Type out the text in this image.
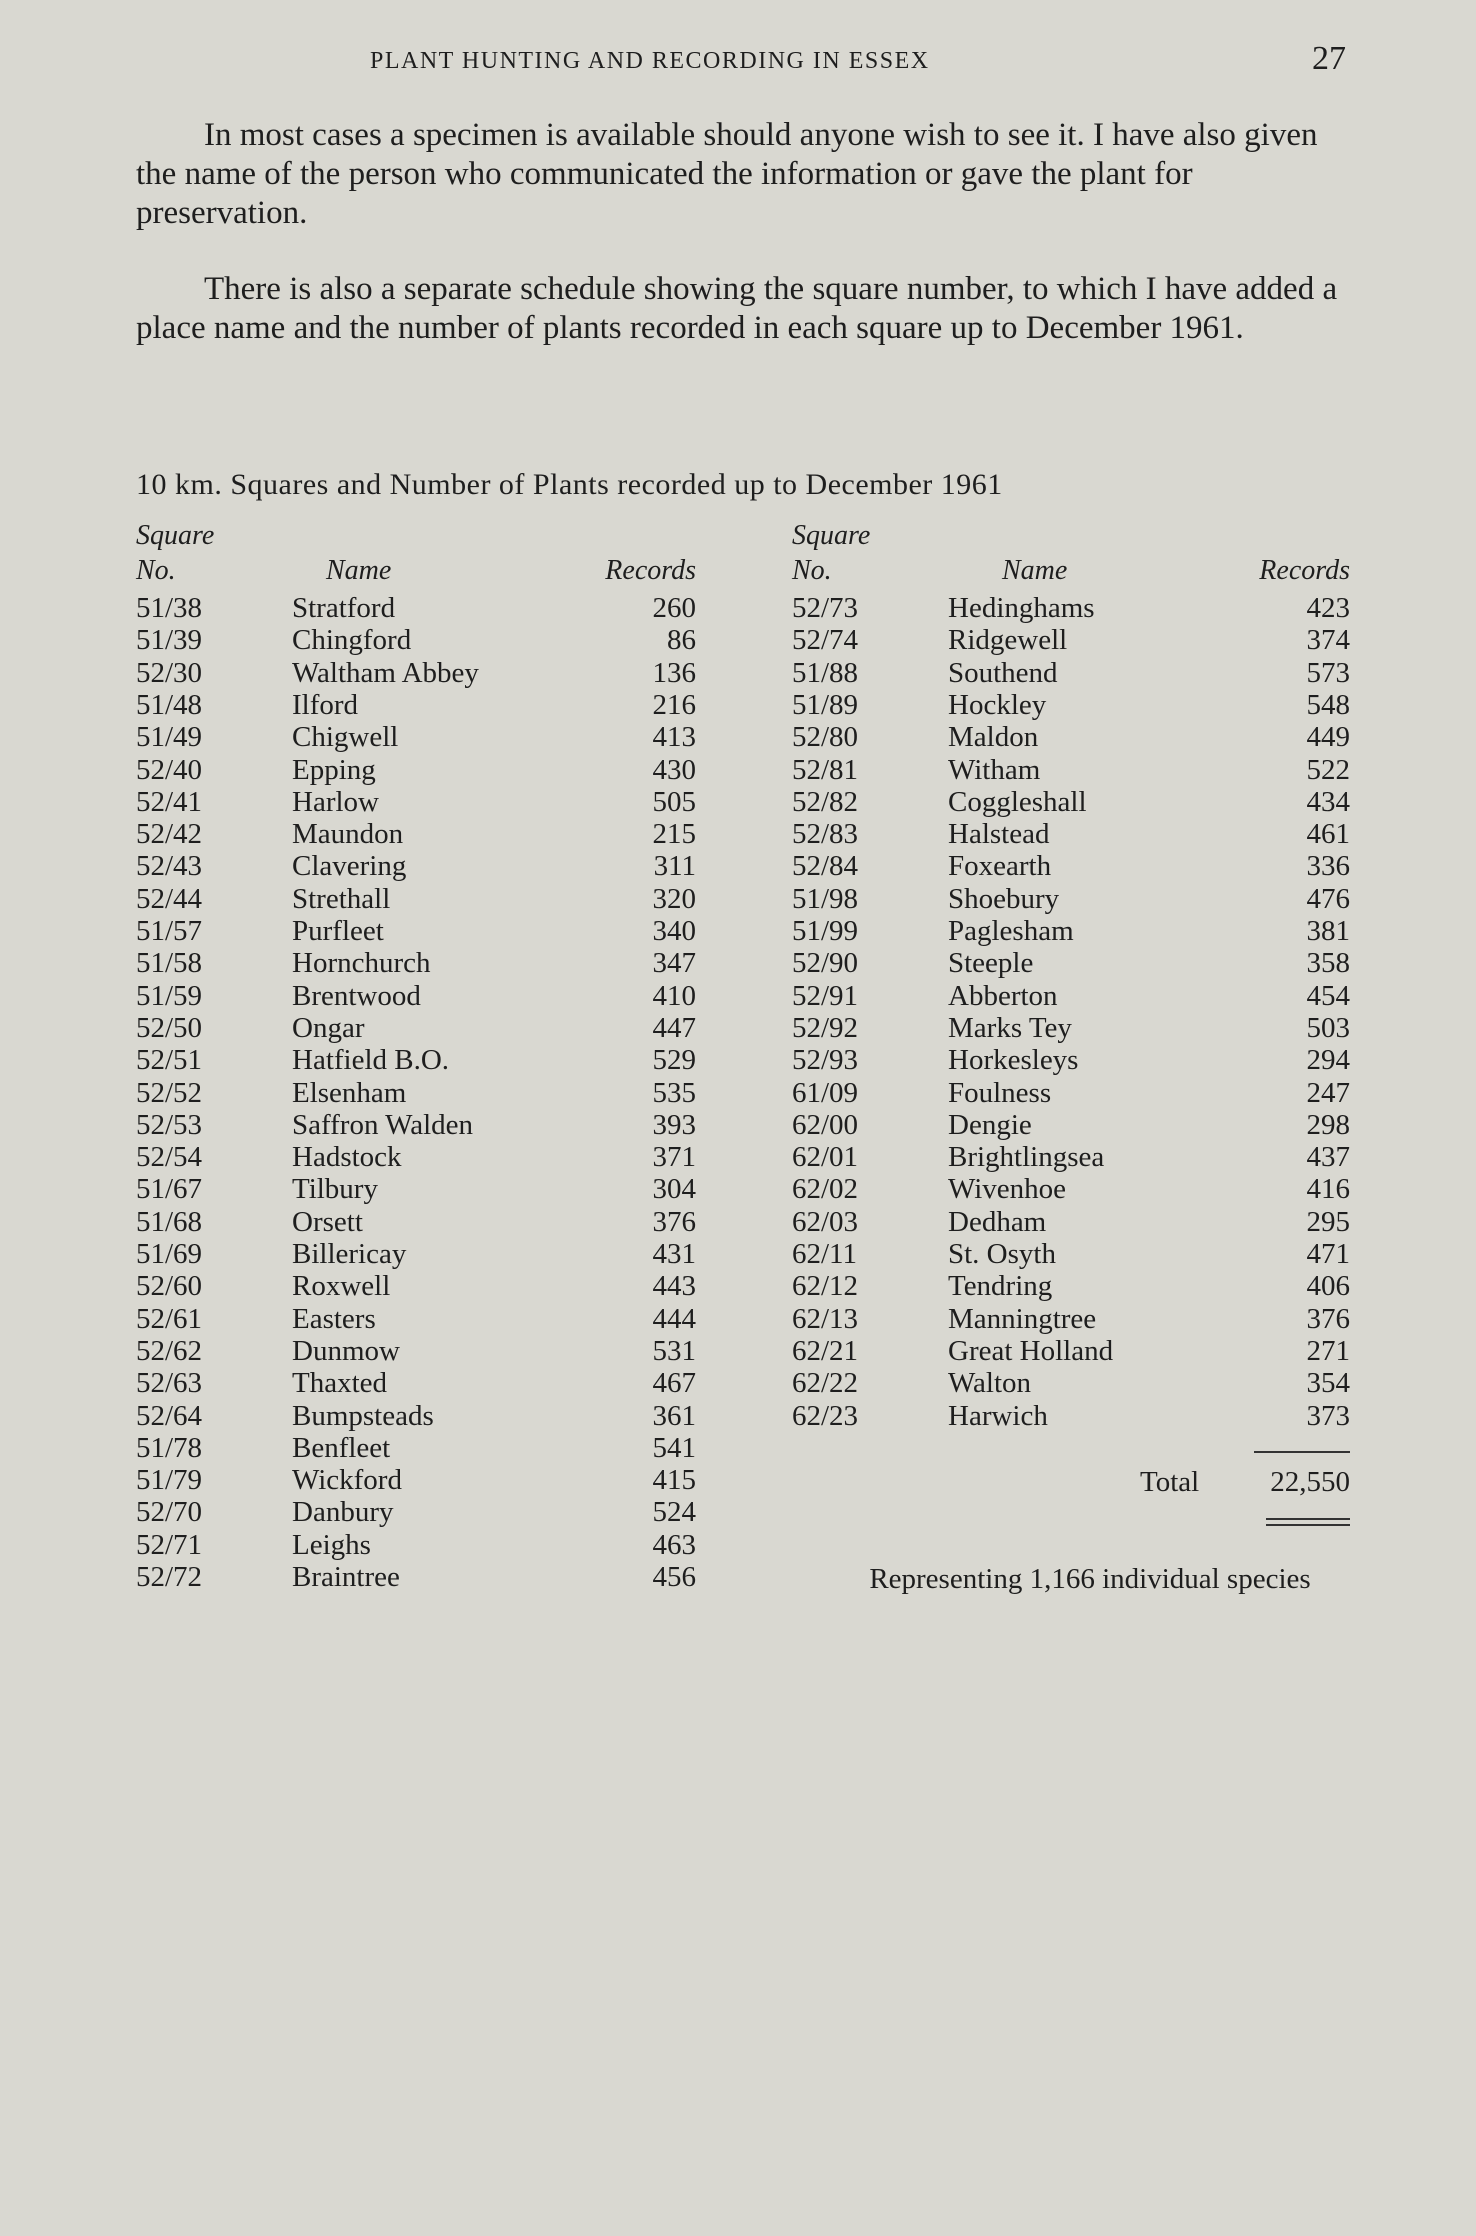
PLANT HUNTING AND RECORDING IN ESSEX	27

In most cases a specimen is available should anyone wish to see it. I have also given the name of the person who communicated the information or gave the plant for preservation.

There is also a separate schedule showing the square number, to which I have added a place name and the number of plants recorded in each square up to December 1961.

10 km. Squares and Number of Plants recorded up to December 1961
Square
No.	Name	Records
Square
No.	Name	Records
51/38	Stratford	260
51/39	Chingford	86
52/30	Waltham Abbey	136
51/48	Ilford	216
51/49	Chigwell	413
52/40	Epping	430
52/41	Harlow	505
52/42	Maundon	215
52/43	Clavering	311
52/44	Strethall	320
51/57	Purfleet	340
51/58	Hornchurch	347
51/59	Brentwood	410
52/50	Ongar	447
52/51	Hatfield B.O.	529
52/52	Elsenham	535
52/53	Saffron Walden	393
52/54	Hadstock	371
51/67	Tilbury	304
51/68	Orsett	376
51/69	Billericay	431
52/60	Roxwell	443
52/61	Easters	444
52/62	Dunmow	531
52/63	Thaxted	467
52/64	Bumpsteads	361
51/78	Benfleet	541
51/79	Wickford	415
52/70	Danbury	524
52/71	Leighs	463
52/72	Braintree	456
52/73	Hedinghams	423
52/74	Ridgewell	374
51/88	Southend	573
51/89	Hockley	548
52/80	Maldon	449
52/81	Witham	522
52/82	Coggleshall	434
52/83	Halstead	461
52/84	Foxearth	336
51/98	Shoebury	476
51/99	Paglesham	381
52/90	Steeple	358
52/91	Abberton	454
52/92	Marks Tey	503
52/93	Horkesleys	294
61/09	Foulness	247
62/00	Dengie	298
62/01	Brightlingsea	437
62/02	Wivenhoe	416
62/03	Dedham	295
62/11	St. Osyth	471
62/12	Tendring	406
62/13	Manningtree	376
62/21	Great Holland	271
62/22	Walton	354
62/23	Harwich	373
Total	22,550
Representing 1,166 individual species
